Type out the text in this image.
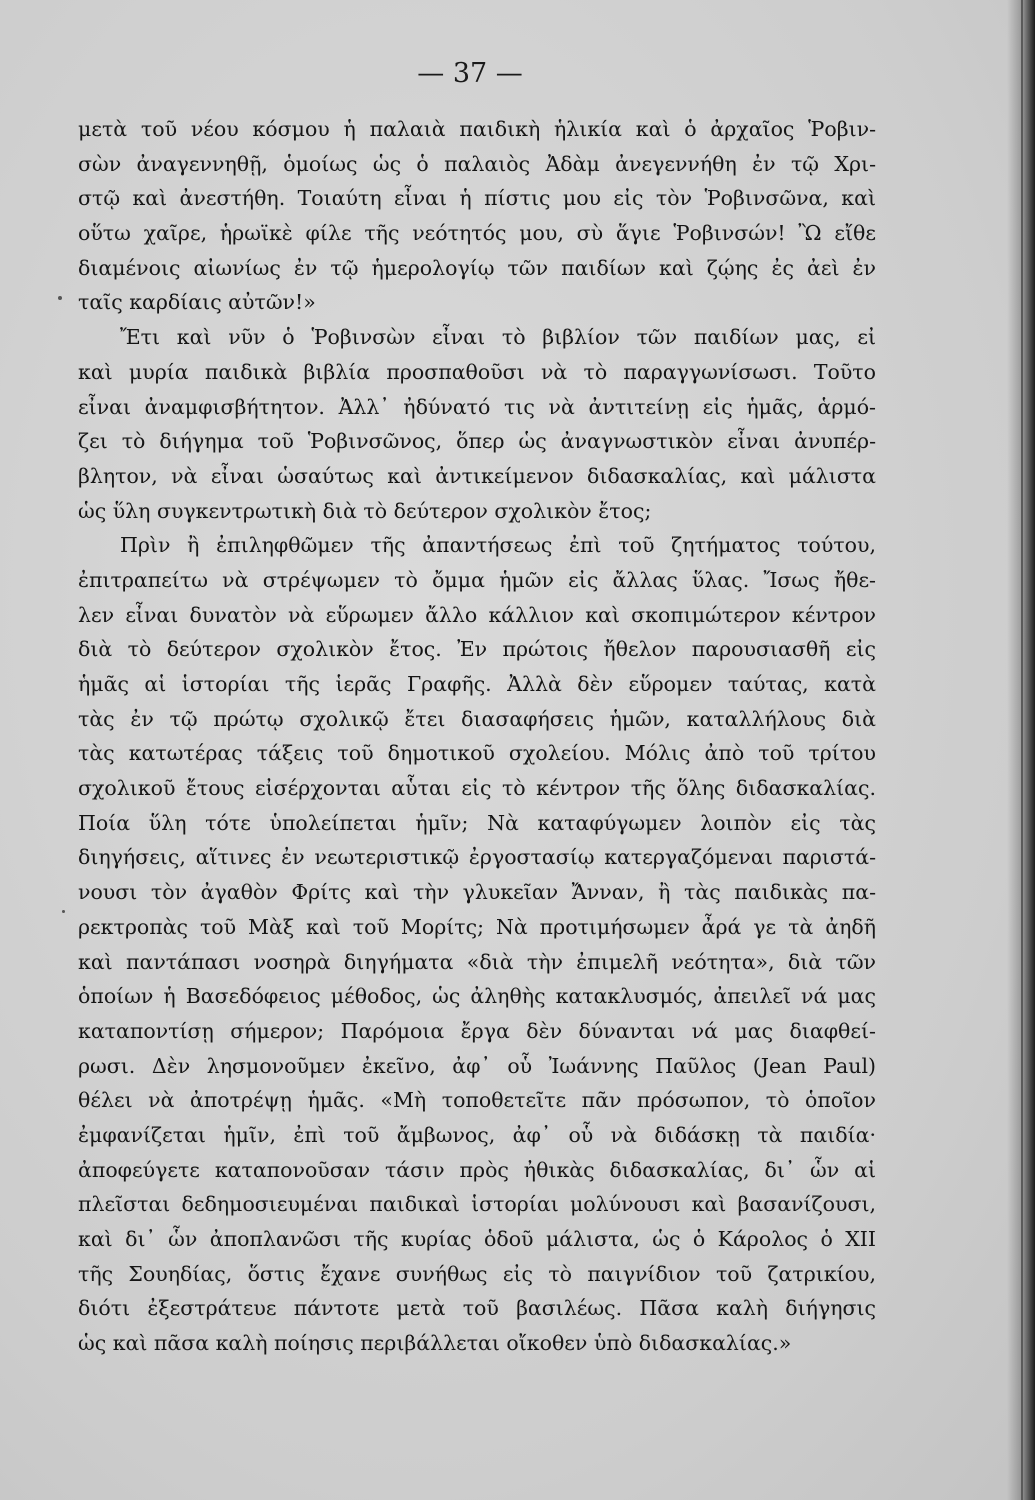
— 37 —
μετὰ τοῦ νέου κόσμου ἡ παλαιὰ παιδικὴ ἡλικία καὶ ὁ ἀρχαῖος Ῥοβιν-
σὼν ἀναγεννηθῇ, ὁμοίως ὡς ὁ παλαιὸς Ἀδὰμ ἀνεγεννήθη ἐν τῷ Χρι-
στῷ καὶ ἀνεστήθη. Τοιαύτη εἶναι ἡ πίστις μου εἰς τὸν Ῥοβινσῶνα, καὶ
οὕτω χαῖρε, ἡρωϊκὲ φίλε τῆς νεότητός μου, σὺ ἅγιε Ῥοβινσών! Ὢ εἴθε
διαμένοις αἰωνίως ἐν τῷ ἡμερολογίῳ τῶν παιδίων καὶ ζῴης ἐς ἀεὶ ἐν
ταῖς καρδίαις αὐτῶν!»
Ἔτι καὶ νῦν ὁ Ῥοβινσὼν εἶναι τὸ βιβλίον τῶν παιδίων μας, εἰ
καὶ μυρία παιδικὰ βιβλία προσπαθοῦσι νὰ τὸ παραγγωνίσωσι. Τοῦτο
εἶναι ἀναμφισβήτητον. Ἀλλ᾽ ἠδύνατό τις νὰ ἀντιτείνῃ εἰς ἡμᾶς, ἁρμό-
ζει τὸ διήγημα τοῦ Ῥοβινσῶνος, ὅπερ ὡς ἀναγνωστικὸν εἶναι ἀνυπέρ-
βλητον, νὰ εἶναι ὡσαύτως καὶ ἀντικείμενον διδασκαλίας, καὶ μάλιστα
ὡς ὕλη συγκεντρωτικὴ διὰ τὸ δεύτερον σχολικὸν ἔτος;
Πρὶν ἢ ἐπιληφθῶμεν τῆς ἀπαντήσεως ἐπὶ τοῦ ζητήματος τούτου,
ἐπιτραπείτω νὰ στρέψωμεν τὸ ὄμμα ἡμῶν εἰς ἄλλας ὕλας. Ἴσως ἤθε-
λεν εἶναι δυνατὸν νὰ εὕρωμεν ἄλλο κάλλιον καὶ σκοπιμώτερον κέντρον
διὰ τὸ δεύτερον σχολικὸν ἔτος. Ἐν πρώτοις ἤθελον παρουσιασθῆ εἰς
ἡμᾶς αἱ ἱστορίαι τῆς ἱερᾶς Γραφῆς. Ἀλλὰ δὲν εὕρομεν ταύτας, κατὰ
τὰς ἐν τῷ πρώτῳ σχολικῷ ἔτει διασαφήσεις ἡμῶν, καταλλήλους διὰ
τὰς κατωτέρας τάξεις τοῦ δημοτικοῦ σχολείου. Μόλις ἀπὸ τοῦ τρίτου
σχολικοῦ ἔτους εἰσέρχονται αὗται εἰς τὸ κέντρον τῆς ὅλης διδασκαλίας.
Ποία ὕλη τότε ὑπολείπεται ἡμῖν; Νὰ καταφύγωμεν λοιπὸν εἰς τὰς
διηγήσεις, αἵτινες ἐν νεωτεριστικῷ ἐργοστασίῳ κατεργαζόμεναι παριστά-
νουσι τὸν ἀγαθὸν Φρίτς καὶ τὴν γλυκεῖαν Ἄνναν, ἢ τὰς παιδικὰς πα-
ρεκτροπὰς τοῦ Μὰξ καὶ τοῦ Μορίτς; Νὰ προτιμήσωμεν ἆρά γε τὰ ἀηδῆ
καὶ παντάπασι νοσηρὰ διηγήματα «διὰ τὴν ἐπιμελῆ νεότητα», διὰ τῶν
ὁποίων ἡ Βασεδόφειος μέθοδος, ὡς ἀληθὴς κατακλυσμός, ἀπειλεῖ νά μας
καταποντίσῃ σήμερον; Παρόμοια ἔργα δὲν δύνανται νά μας διαφθεί-
ρωσι. Δὲν λησμονοῦμεν ἐκεῖνο, ἀφ᾽ οὗ Ἰωάννης Παῦλος (Jean Paul)
θέλει νὰ ἀποτρέψῃ ἡμᾶς. «Μὴ τοποθετεῖτε πᾶν πρόσωπον, τὸ ὁποῖον
ἐμφανίζεται ἡμῖν, ἐπὶ τοῦ ἄμβωνος, ἀφ᾽ οὗ νὰ διδάσκῃ τὰ παιδία·
ἀποφεύγετε καταπονοῦσαν τάσιν πρὸς ἠθικὰς διδασκαλίας, δι᾽ ὧν αἱ
πλεῖσται δεδημοσιευμέναι παιδικαὶ ἱστορίαι μολύνουσι καὶ βασανίζουσι,
καὶ δι᾽ ὧν ἀποπλανῶσι τῆς κυρίας ὁδοῦ μάλιστα, ὡς ὁ Κάρολος ὁ XII
τῆς Σουηδίας, ὅστις ἔχανε συνήθως εἰς τὸ παιγνίδιον τοῦ ζατρικίου,
διότι ἐξεστράτευε πάντοτε μετὰ τοῦ βασιλέως. Πᾶσα καλὴ διήγησις
ὡς καὶ πᾶσα καλὴ ποίησις περιβάλλεται οἴκοθεν ὑπὸ διδασκαλίας.»
